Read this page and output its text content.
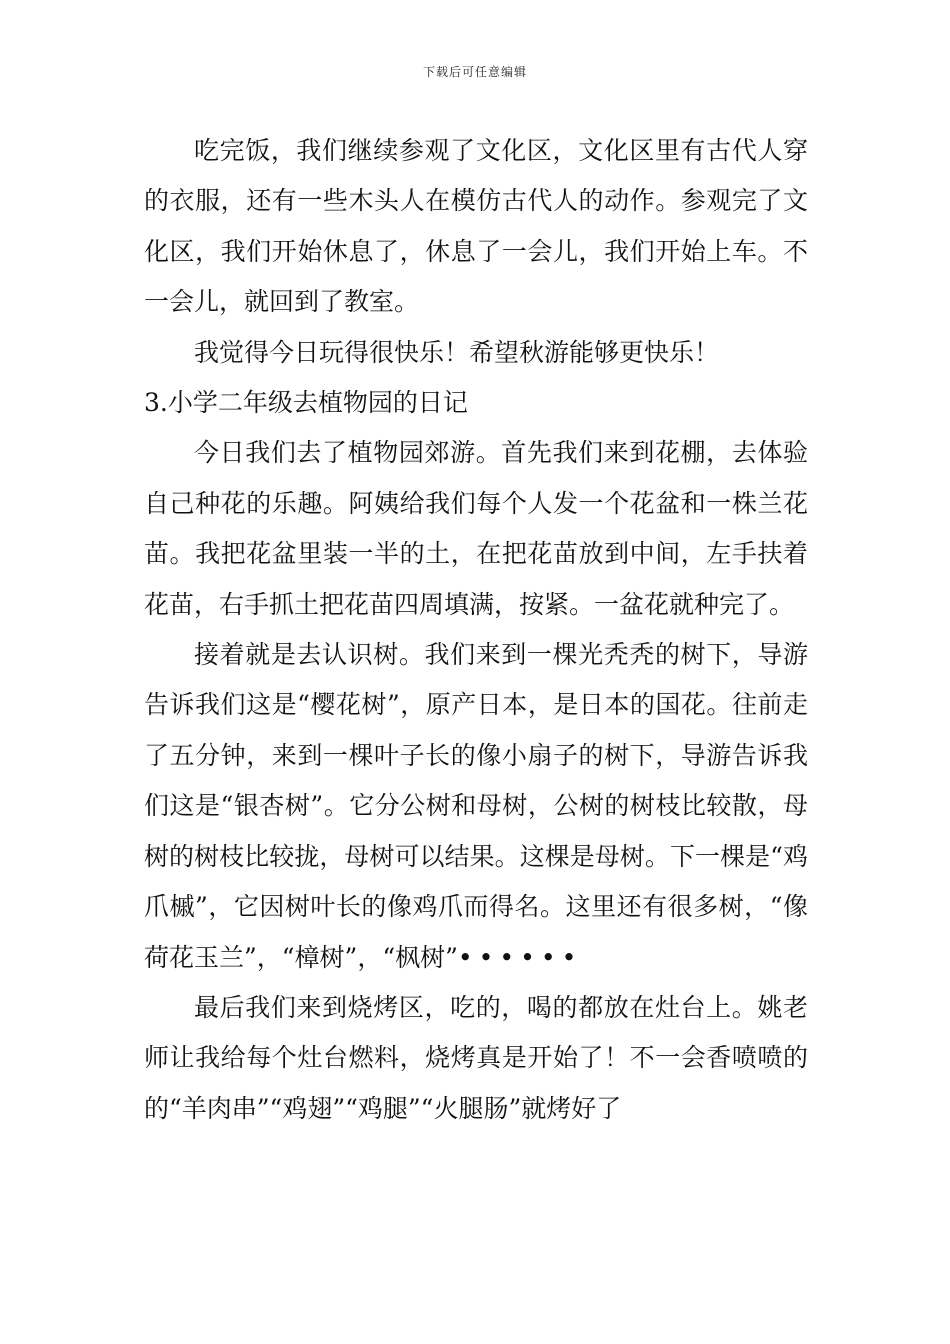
下载后可任意编辑

吃完饭，我们继续参观了文化区，文化区里有古代人穿的衣服，还有一些木头人在模仿古代人的动作。参观完了文化区，我们开始休息了，休息了一会儿，我们开始上车。不一会儿，就回到了教室。

我觉得今日玩得很快乐！希望秋游能够更快乐！

3.小学二年级去植物园的日记

今日我们去了植物园郊游。首先我们来到花棚，去体验自己种花的乐趣。阿姨给我们每个人发一个花盆和一株兰花苗。我把花盆里装一半的土，在把花苗放到中间，左手扶着花苗，右手抓土把花苗四周填满，按紧。一盆花就种完了。

接着就是去认识树。我们来到一棵光秃秃的树下，导游告诉我们这是“樱花树”，原产日本，是日本的国花。往前走了五分钟，来到一棵叶子长的像小扇子的树下，导游告诉我们这是“银杏树”。它分公树和母树，公树的树枝比较散，母树的树枝比较拢，母树可以结果。这棵是母树。下一棵是“鸡爪槭”，它因树叶长的像鸡爪而得名。这里还有很多树，“像荷花玉兰”，“樟树”，“枫树”••••••

最后我们来到烧烤区，吃的，喝的都放在灶台上。姚老师让我给每个灶台燃料，烧烤真是开始了！不一会香喷喷的的“羊肉串”“鸡翅”“鸡腿”“火腿肠”就烤好了
